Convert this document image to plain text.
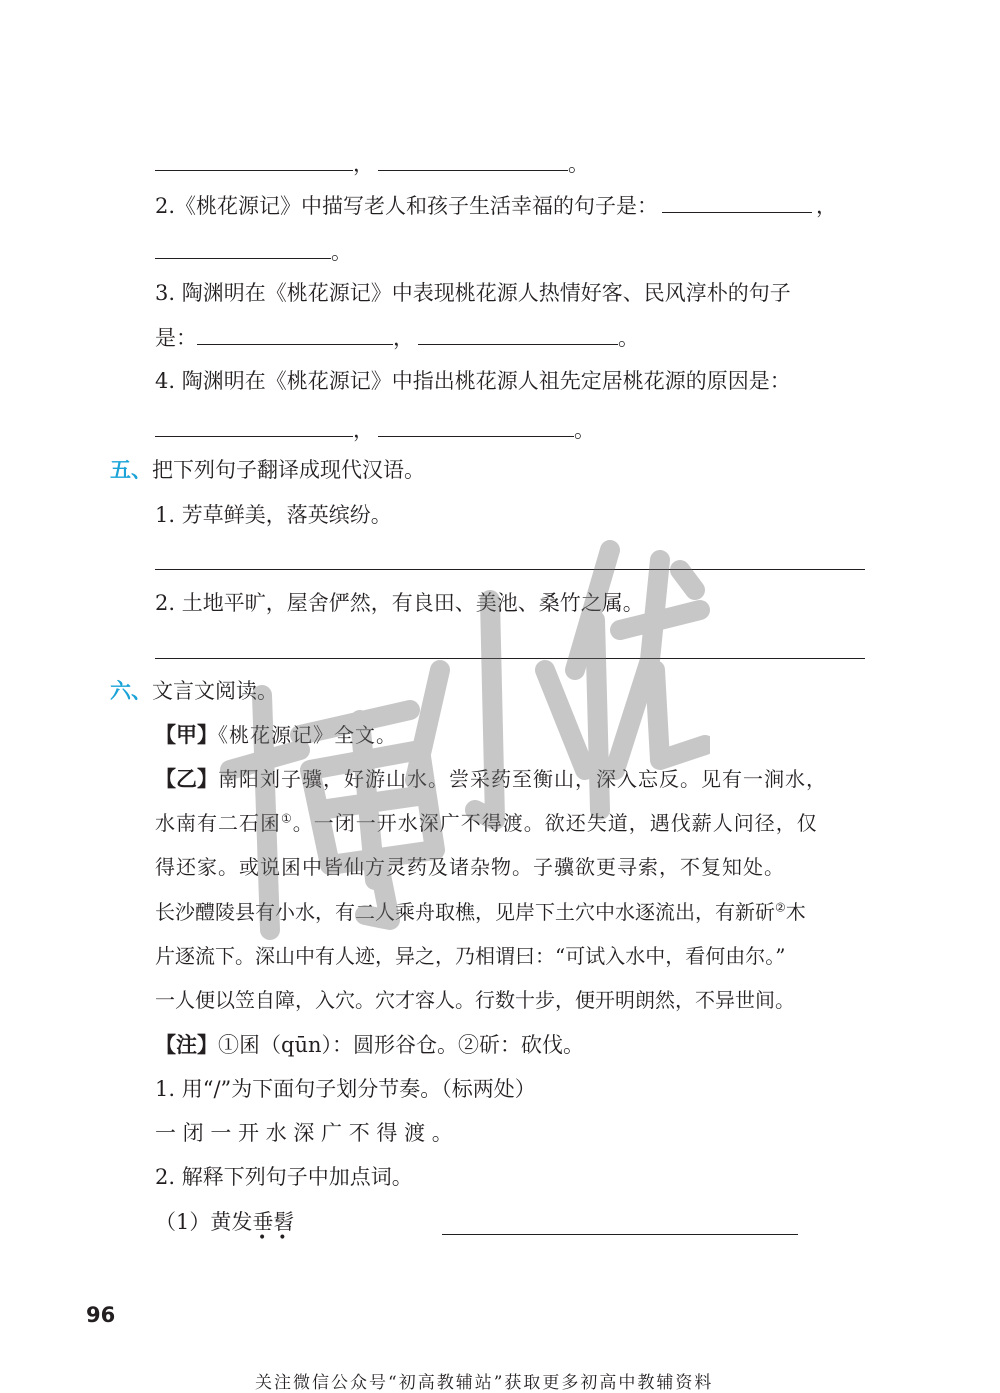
，	。
2.《桃花源记》中描写老人和孩子生活幸福的句子是：	，
。
3. 陶渊明在《桃花源记》中表现桃花源人热情好客、民风淳朴的句子
是：	，	。
4. 陶渊明在《桃花源记》中指出桃花源人祖先定居桃花源的原因是：
，	。
五、把下列句子翻译成现代汉语。
1. 芳草鲜美，落英缤纷。
2. 土地平旷，屋舍俨然，有良田、美池、桑竹之属。
六、文言文阅读。
【甲】《桃花源记》全文。
【乙】南阳刘子骥，好游山水。尝采药至衡山，深入忘反。见有一涧水，
水南有二石囷①。一闭一开水深广不得渡。欲还失道，遇伐薪人问径，仅
得还家。或说囷中皆仙方灵药及诸杂物。子骥欲更寻索，不复知处。
长沙醴陵县有小水，有二人乘舟取樵，见岸下土穴中水逐流出，有新斫②木
片逐流下。深山中有人迹，异之，乃相谓曰：“可试入水中，看何由尔。”
一人便以笠自障，入穴。穴才容人。行数十步，便开明朗然，不异世间。
【注】①囷（qūn）：圆形谷仓。②斫：砍伐。
1. 用“/”为下面句子划分节奏。（标两处）
一 闭 一 开 水 深 广 不 得 渡 。
2. 解释下列句子中加点词。
（1）黄发垂髫
••
96
关注微信公众号“初高教辅站”获取更多初高中教辅资料
